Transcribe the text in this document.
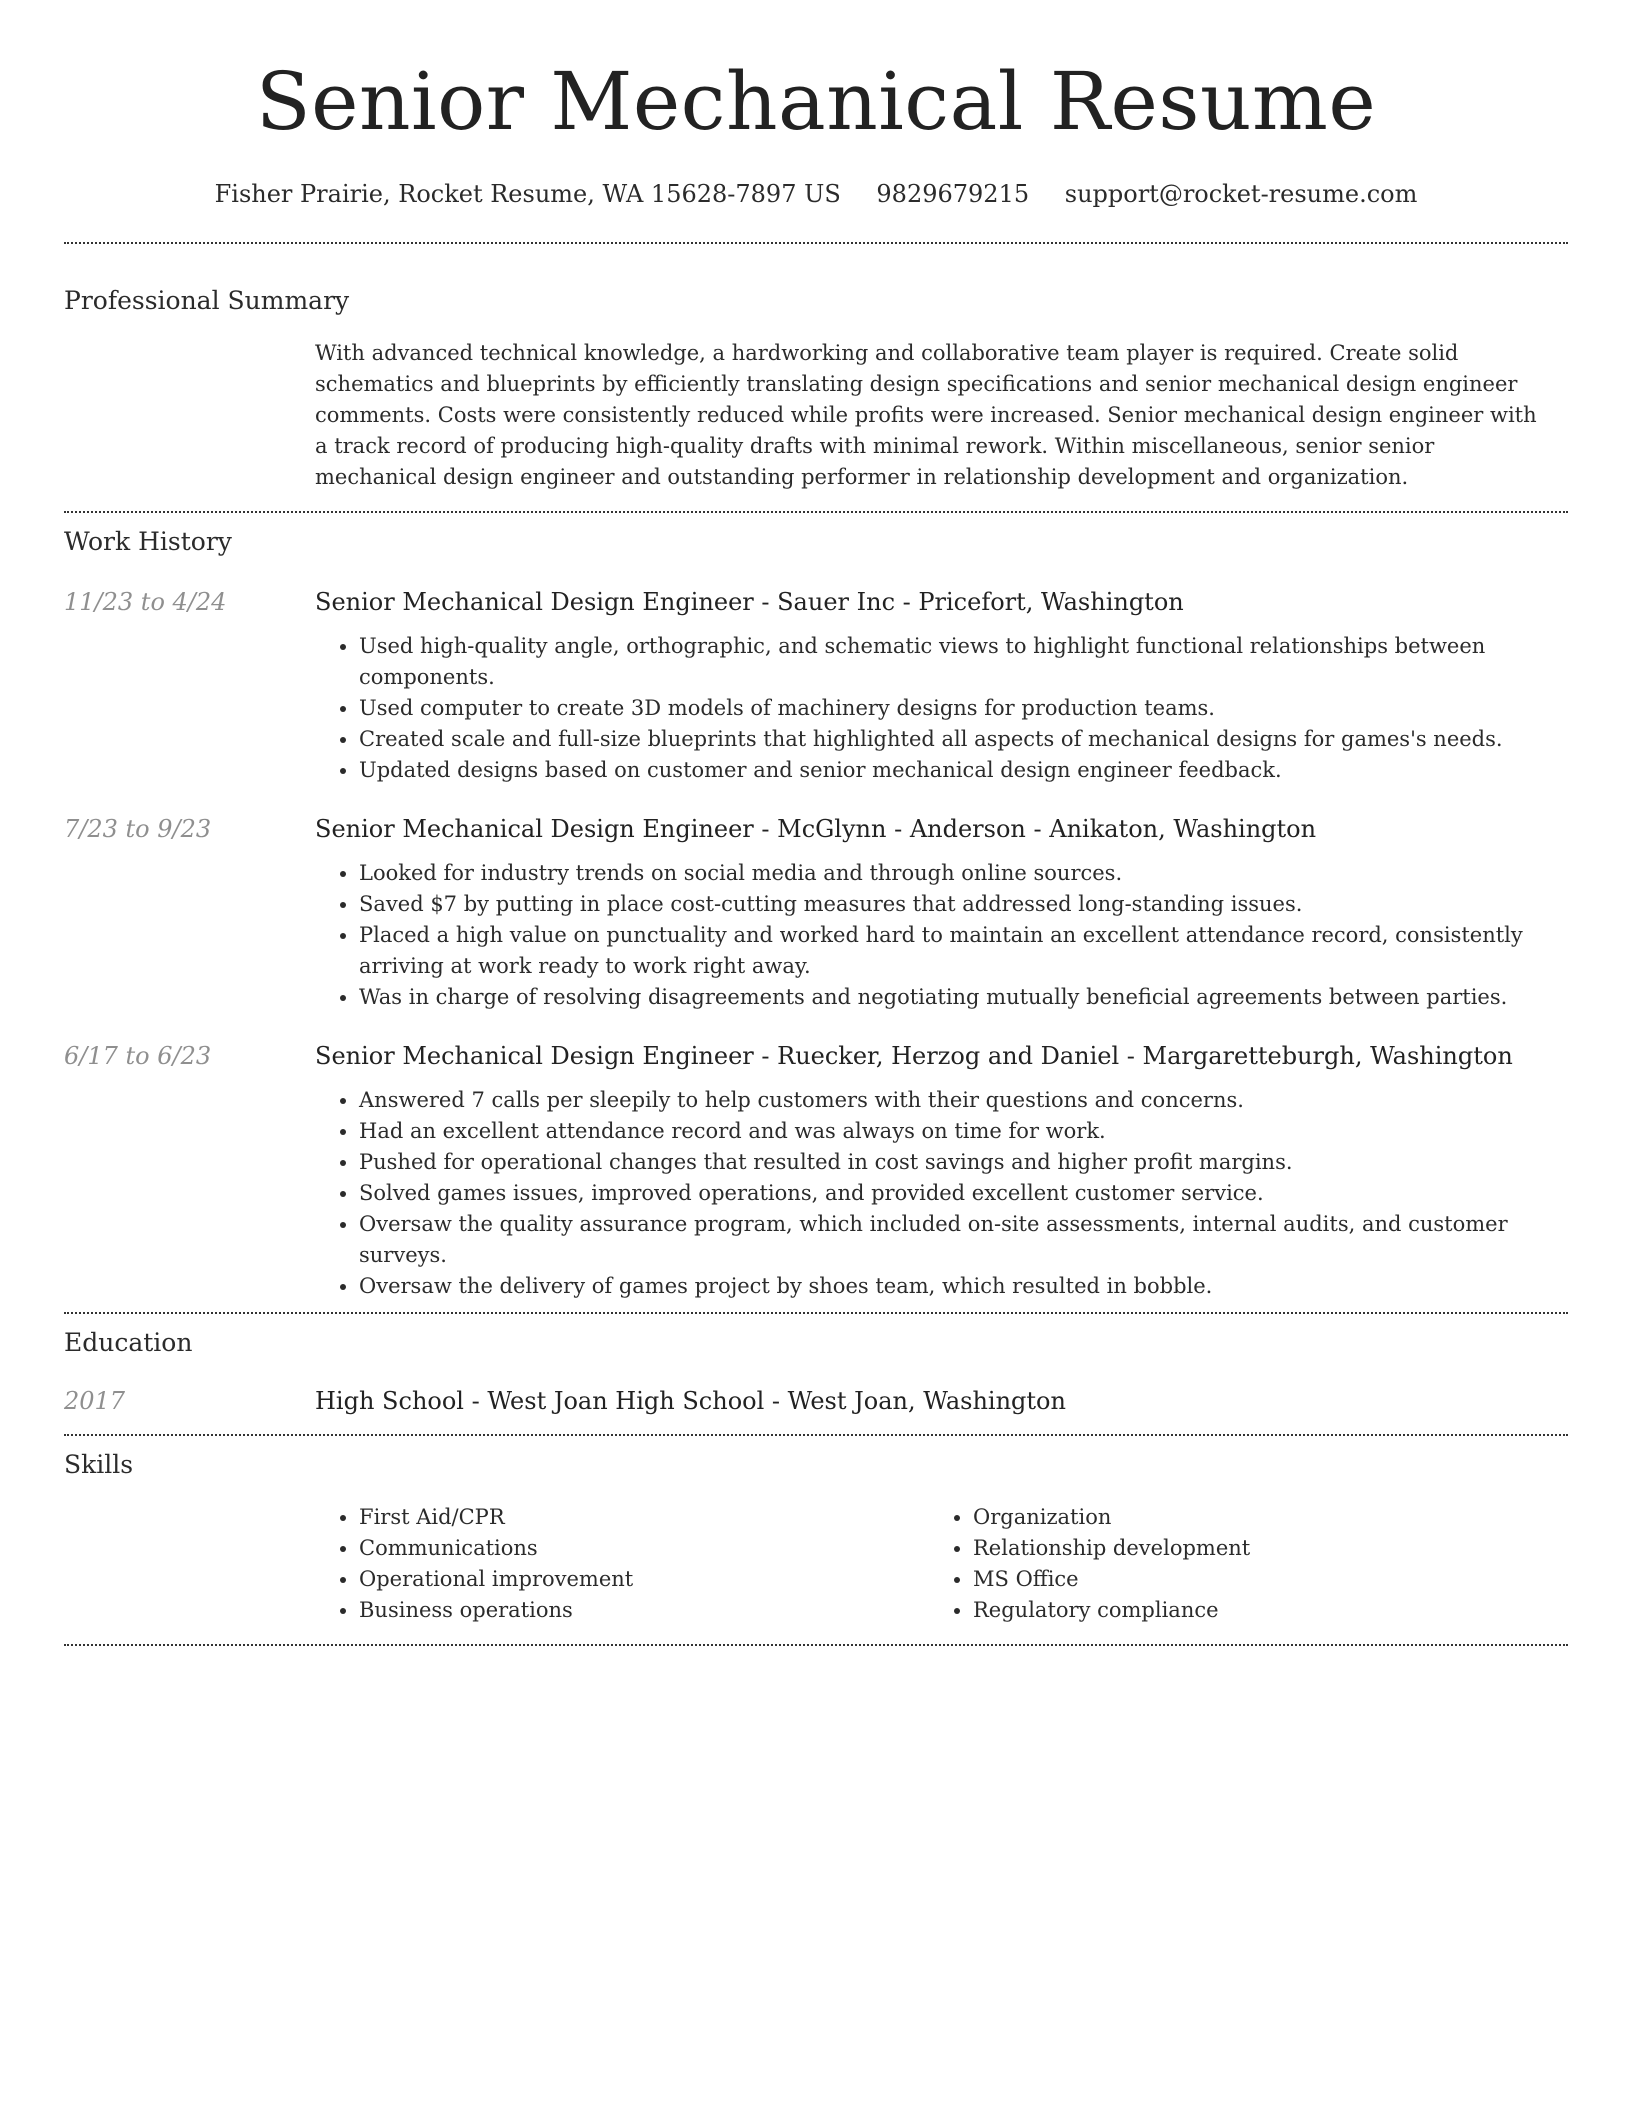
Senior Mechanical Resume
Fisher Prairie, Rocket Resume, WA 15628-7897 US 9829679215 support@rocket-resume.com
Professional Summary
With advanced technical knowledge, a hardworking and collaborative team player is required. Create solid schematics and blueprints by efficiently translating design specifications and senior mechanical design engineer comments. Costs were consistently reduced while profits were increased. Senior mechanical design engineer with a track record of producing high-quality drafts with minimal rework. Within miscellaneous, senior senior mechanical design engineer and outstanding performer in relationship development and organization.
Work History
11/23 to 4/24	Senior Mechanical Design Engineer - Sauer Inc - Pricefort, Washington
• Used high-quality angle, orthographic, and schematic views to highlight functional relationships between components.
• Used computer to create 3D models of machinery designs for production teams.
• Created scale and full-size blueprints that highlighted all aspects of mechanical designs for games's needs.
• Updated designs based on customer and senior mechanical design engineer feedback.
7/23 to 9/23	Senior Mechanical Design Engineer - McGlynn - Anderson - Anikaton, Washington
• Looked for industry trends on social media and through online sources.
• Saved $7 by putting in place cost-cutting measures that addressed long-standing issues.
• Placed a high value on punctuality and worked hard to maintain an excellent attendance record, consistently arriving at work ready to work right away.
• Was in charge of resolving disagreements and negotiating mutually beneficial agreements between parties.
6/17 to 6/23	Senior Mechanical Design Engineer - Ruecker, Herzog and Daniel - Margaretteburgh, Washington
• Answered 7 calls per sleepily to help customers with their questions and concerns.
• Had an excellent attendance record and was always on time for work.
• Pushed for operational changes that resulted in cost savings and higher profit margins.
• Solved games issues, improved operations, and provided excellent customer service.
• Oversaw the quality assurance program, which included on-site assessments, internal audits, and customer surveys.
• Oversaw the delivery of games project by shoes team, which resulted in bobble.
Education
2017	High School - West Joan High School - West Joan, Washington
Skills
• First Aid/CPR
• Communications
• Operational improvement
• Business operations
• Organization
• Relationship development
• MS Office
• Regulatory compliance
